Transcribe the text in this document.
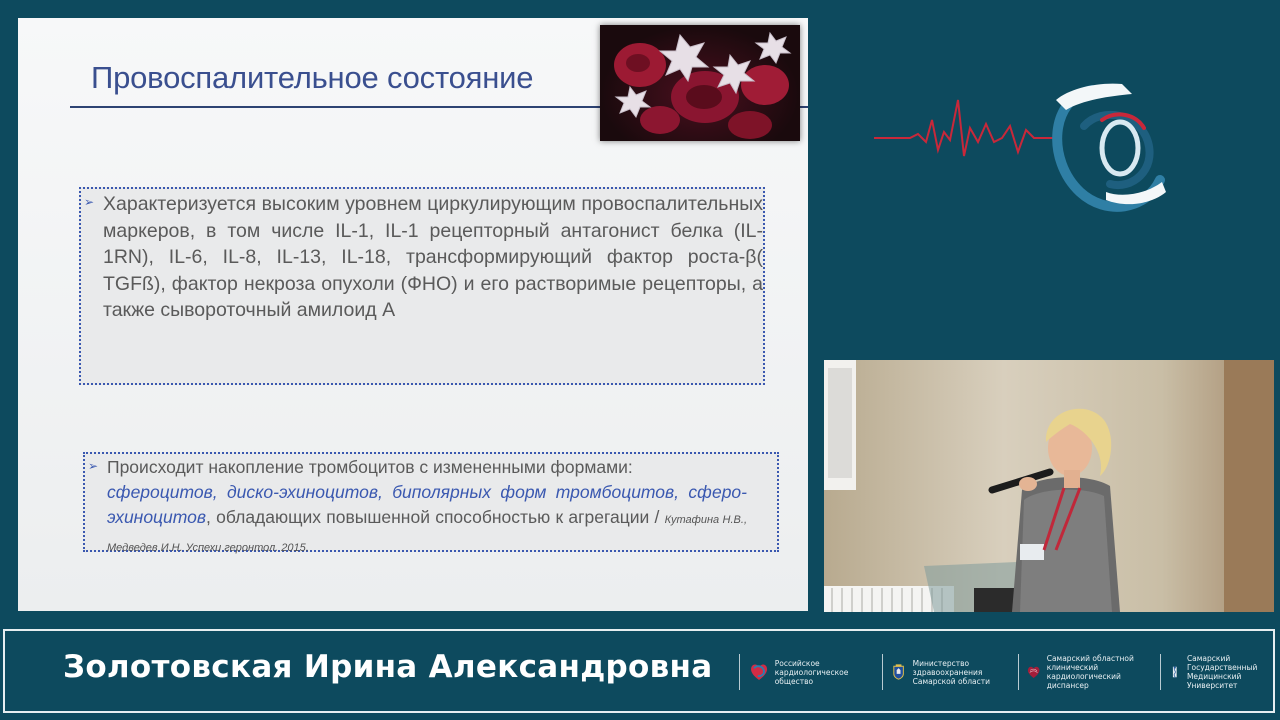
Провоспалительное состояние
➢ Характеризуется высоким уровнем циркулирующим провоспалительных маркеров, в том числе IL-1, IL-1 рецепторный антагонист белка (IL-1RN), IL-6, IL-8, IL-13, IL-18, трансформирующий фактор роста-β( TGFß), фактор некроза опухоли (ФНО) и его растворимые рецепторы, а также сывороточный амилоид А
➢ Происходит накопление тромбоцитов с измененными формами:
сфероцитов, диско-эхиноцитов, биполярных форм тромбоцитов, сферо-эхиноцитов, обладающих повышенной способностью к агрегации / Кутафина Н.В., Медведев И.Н. Успехи геронтол. 2015.
Золотовская Ирина Александровна	Российское кардиологическое общество
Министерство здравоохранения Самарской области
Самарский областной клинический кардиологический диспансер
Самарский Государственный Медицинский Университет
